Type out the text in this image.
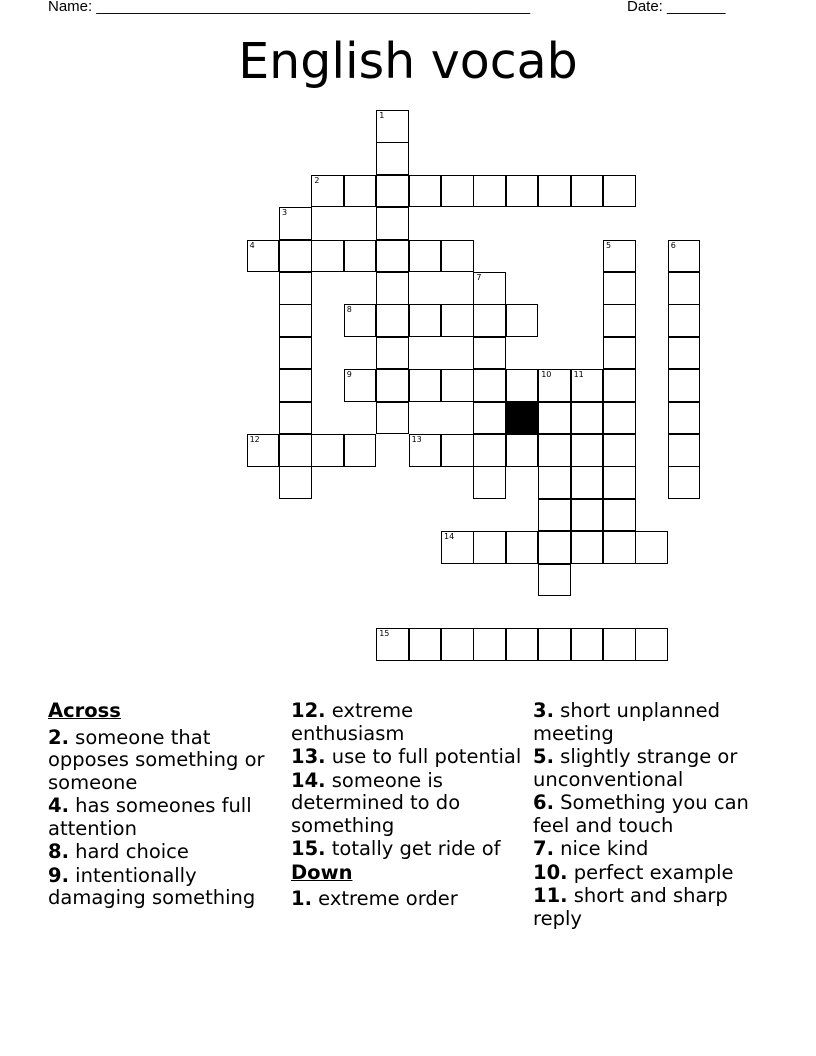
Name: ____________________________________________________	Date: _______
English vocab
1
2
3
4	5	6
7
8
9	10	11
12	13
14
15
Across
2. someone that opposes something or someone
4. has someones full attention
8. hard choice
9. intentionally damaging something
12. extreme enthusiasm
13. use to full potential
14. someone is determined to do something
15. totally get ride of
Down
1. extreme order
3. short unplanned meeting
5. slightly strange or unconventional
6. Something you can feel and touch
7. nice kind
10. perfect example
11. short and sharp reply
